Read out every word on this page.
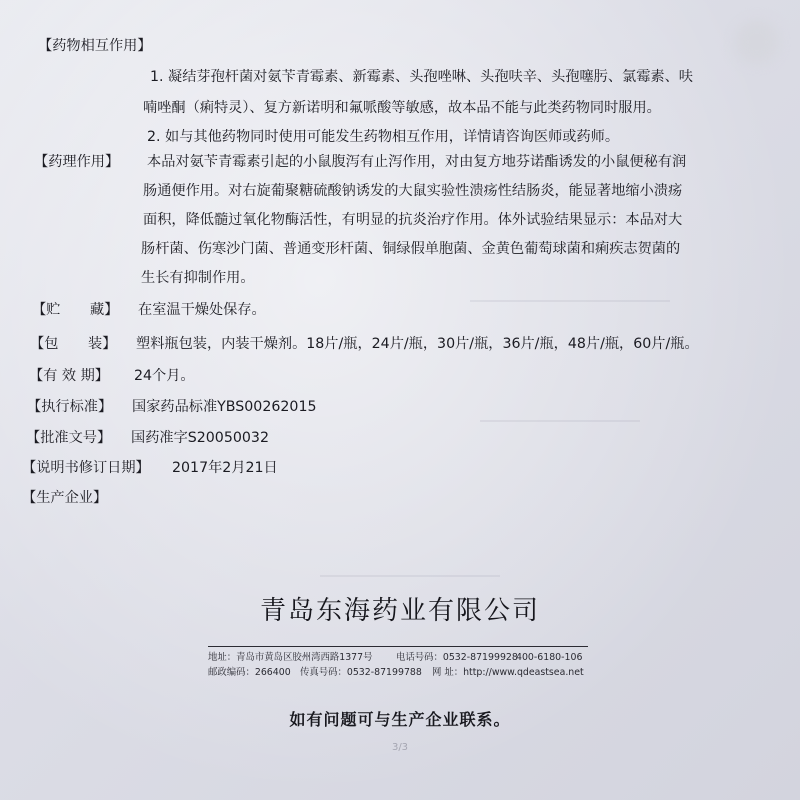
【药物相互作用】
1. 凝结芽孢杆菌对氨苄青霉素、新霉素、头孢唑啉、头孢呋辛、头孢噻肟、氯霉素、呋
喃唑酮（痢特灵）、复方新诺明和氟哌酸等敏感，故本品不能与此类药物同时服用。
2. 如与其他药物同时使用可能发生药物相互作用，详情请咨询医师或药师。
【药理作用】 本品对氨苄青霉素引起的小鼠腹泻有止泻作用，对由复方地芬诺酯诱发的小鼠便秘有润
肠通便作用。对右旋葡聚糖硫酸钠诱发的大鼠实验性溃疡性结肠炎，能显著地缩小溃疡
面积，降低髓过氧化物酶活性，有明显的抗炎治疗作用。体外试验结果显示：本品对大
肠杆菌、伤寒沙门菌、普通变形杆菌、铜绿假单胞菌、金黄色葡萄球菌和痢疾志贺菌的
生长有抑制作用。
【贮 藏】 在室温干燥处保存。
【包 装】 塑料瓶包装，内装干燥剂。18片/瓶，24片/瓶，30片/瓶，36片/瓶，48片/瓶，60片/瓶。
【有 效 期】 24个月。
【执行标准】 国家药品标准YBS00262015
【批准文号】 国药准字S20050032
【说明书修订日期】 2017年2月21日
【生产企业】
青岛东海药业有限公司
地址：青岛市黄岛区胶州湾西路1377号	电话号码：0532-87199928
400-6180-106
邮政编码：266400 传真号码：0532-87199788 网 址：http://www.qdeastsea.net
如有问题可与生产企业联系。
3/3
